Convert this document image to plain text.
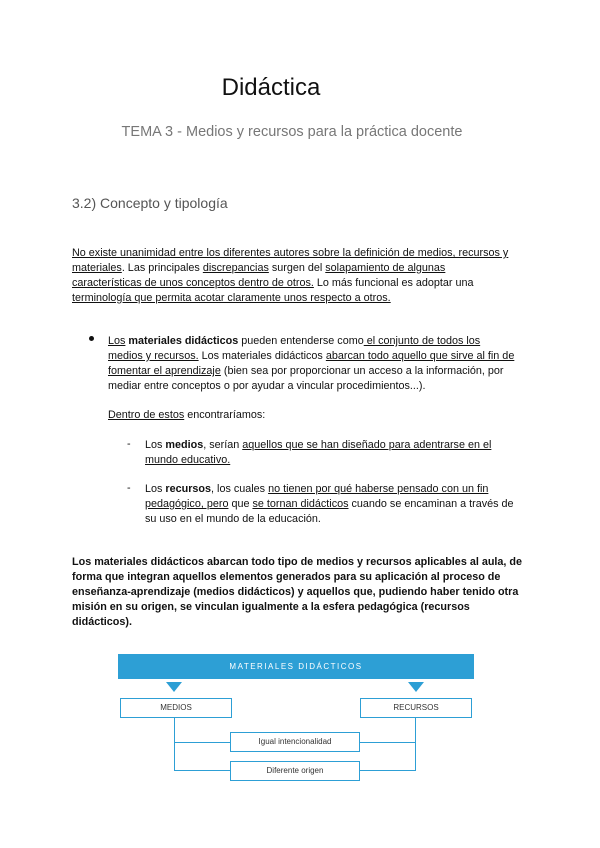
Didáctica
TEMA 3 - Medios y recursos para la práctica docente
3.2) Concepto y tipología
No existe unanimidad entre los diferentes autores sobre la definición de medios, recursos y
materiales. Las principales discrepancias surgen del solapamiento de algunas
características de unos conceptos dentro de otros. Lo más funcional es adoptar una
terminología que permita acotar claramente unos respecto a otros.
Los materiales didácticos pueden entenderse como el conjunto de todos los
medios y recursos. Los materiales didácticos abarcan todo aquello que sirve al fin de
fomentar el aprendizaje (bien sea por proporcionar un acceso a la información, por
mediar entre conceptos o por ayudar a vincular procedimientos...).
Dentro de estos encontraríamos:
- Los medios, serían aquellos que se han diseñado para adentrarse en el
mundo educativo.
- Los recursos, los cuales no tienen por qué haberse pensado con un fin
pedagógico, pero que se tornan didácticos cuando se encaminan a través de
su uso en el mundo de la educación.
Los materiales didácticos abarcan todo tipo de medios y recursos aplicables al aula, de forma que integran aquellos elementos generados para su aplicación al proceso de enseñanza-aprendizaje (medios didácticos) y aquellos que, pudiendo haber tenido otra misión en su origen, se vinculan igualmente a la esfera pedagógica (recursos didácticos).
MATERIALES DIDÁCTICOS
MEDIOS	RECURSOS
Igual intencionalidad
Diferente origen
